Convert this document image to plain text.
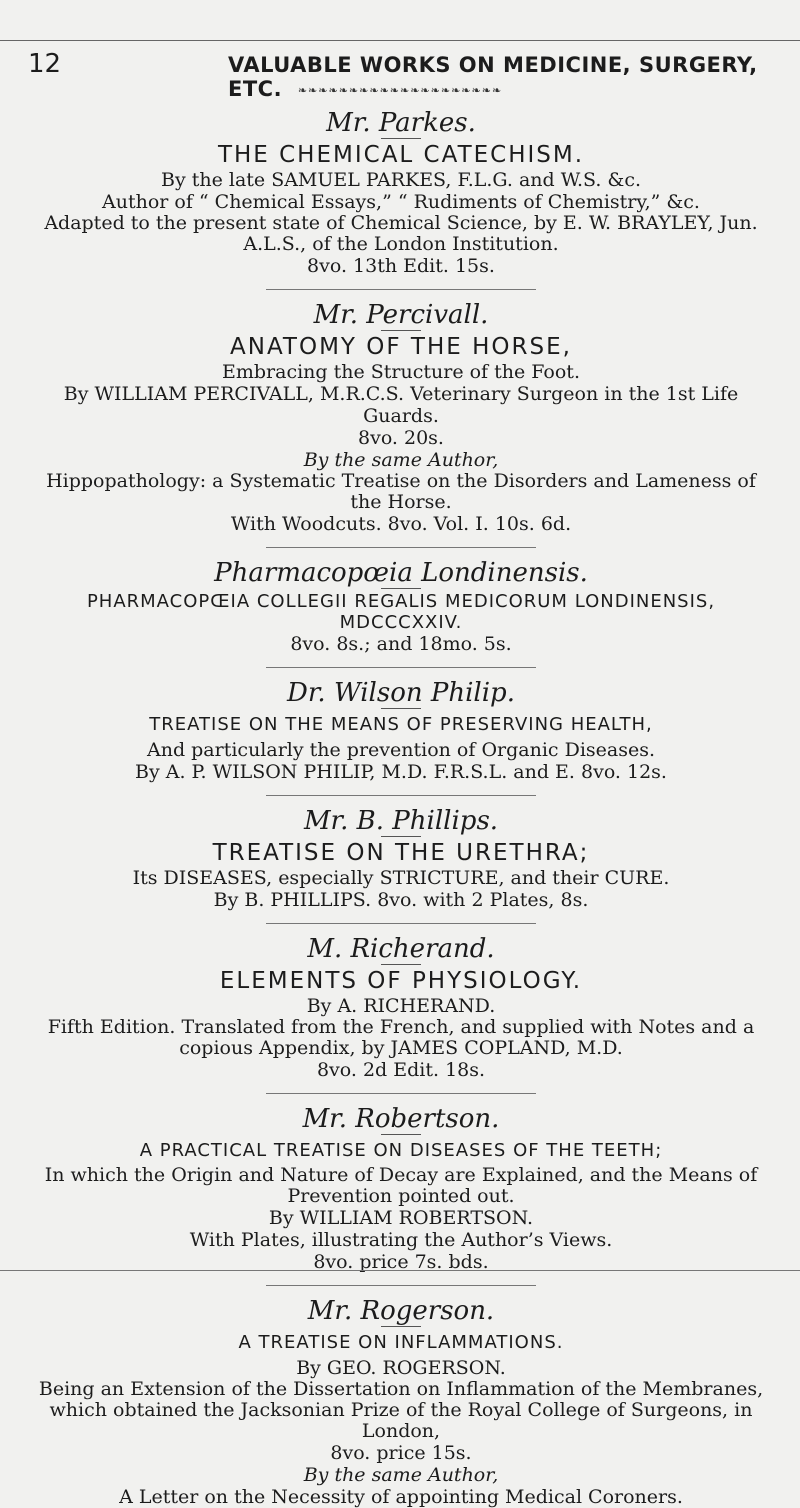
12	VALUABLE WORKS ON MEDICINE, SURGERY, ETC.	❧❧❧❧❧❧❧❧❧❧❧❧❧❧❧❧❧❧❧❧

Mr. Parkes.

THE CHEMICAL CATECHISM.

By the late SAMUEL PARKES, F.L.G. and W.S. &c.

Author of “ Chemical Essays,” “ Rudiments of Chemistry,” &c.

Adapted to the present state of Chemical Science, by E. W. BRAYLEY, Jun. A.L.S., of the London Institution.

8vo. 13th Edit. 15s.

Mr. Percivall.

ANATOMY OF THE HORSE,

Embracing the Structure of the Foot.

By WILLIAM PERCIVALL, M.R.C.S. Veterinary Surgeon in the 1st Life Guards.

8vo. 20s.

By the same Author,

Hippopathology: a Systematic Treatise on the Disorders and Lameness of the Horse.

With Woodcuts. 8vo. Vol. I. 10s. 6d.

Pharmacopœia Londinensis.

PHARMACOPŒIA COLLEGII REGALIS MEDICORUM LONDINENSIS, MDCCCXXIV.

8vo. 8s.; and 18mo. 5s.

Dr. Wilson Philip.

TREATISE ON THE MEANS OF PRESERVING HEALTH,

And particularly the prevention of Organic Diseases.

By A. P. WILSON PHILIP, M.D. F.R.S.L. and E. 8vo. 12s.

Mr. B. Phillips.

TREATISE ON THE URETHRA;

Its DISEASES, especially STRICTURE, and their CURE.

By B. PHILLIPS. 8vo. with 2 Plates, 8s.

M. Richerand.

ELEMENTS OF PHYSIOLOGY.

By A. RICHERAND.

Fifth Edition. Translated from the French, and supplied with Notes and a copious Appendix, by JAMES COPLAND, M.D.

8vo. 2d Edit. 18s.

Mr. Robertson.

A PRACTICAL TREATISE ON DISEASES OF THE TEETH;

In which the Origin and Nature of Decay are Explained, and the Means of Prevention pointed out.

By WILLIAM ROBERTSON.

With Plates, illustrating the Author’s Views.

8vo. price 7s. bds.

Mr. Rogerson.

A TREATISE ON INFLAMMATIONS.

By GEO. ROGERSON.

Being an Extension of the Dissertation on Inflammation of the Membranes, which obtained the Jacksonian Prize of the Royal College of Surgeons, in London,

8vo. price 15s.

By the same Author,

A Letter on the Necessity of appointing Medical Coroners.
